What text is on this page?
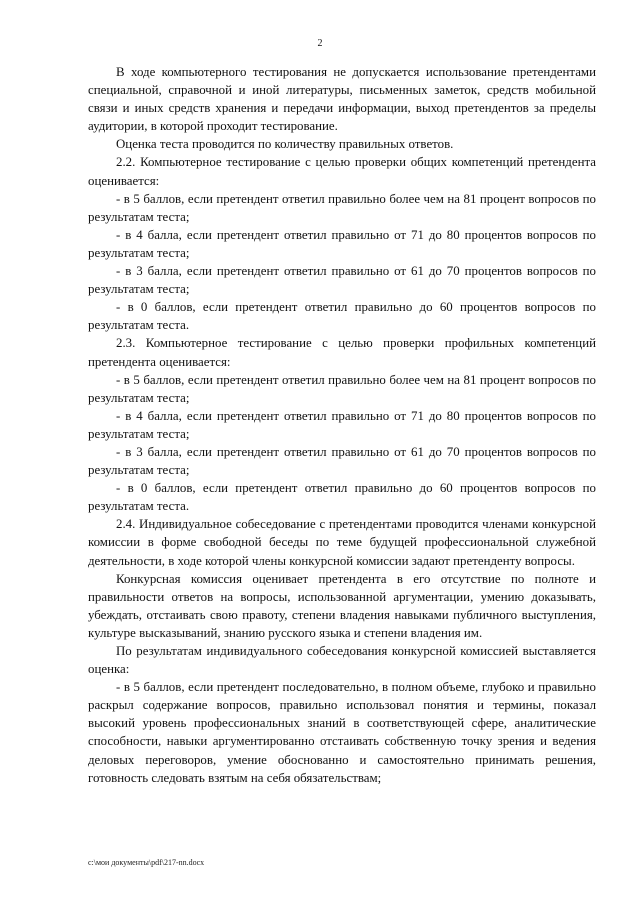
2

В ходе компьютерного тестирования не допускается использование претендентами специальной, справочной и иной литературы, письменных заметок, средств мобильной связи и иных средств хранения и передачи информации, выход претендентов за пределы аудитории, в которой проходит тестирование.

Оценка теста проводится по количеству правильных ответов.

2.2. Компьютерное тестирование с целью проверки общих компетенций претендента оценивается:

- в 5 баллов, если претендент ответил правильно более чем на 81 процент вопросов по результатам теста;

- в 4 балла, если претендент ответил правильно от 71 до 80 процентов вопросов по результатам теста;

- в 3 балла, если претендент ответил правильно от 61 до 70 процентов вопросов по результатам теста;

- в 0 баллов, если претендент ответил правильно до 60 процентов вопросов по результатам теста.

2.3. Компьютерное тестирование с целью проверки профильных компетенций претендента оценивается:

- в 5 баллов, если претендент ответил правильно более чем на 81 процент вопросов по результатам теста;

- в 4 балла, если претендент ответил правильно от 71 до 80 процентов вопросов по результатам теста;

- в 3 балла, если претендент ответил правильно от 61 до 70 процентов вопросов по результатам теста;

- в 0 баллов, если претендент ответил правильно до 60 процентов вопросов по результатам теста.

2.4. Индивидуальное собеседование с претендентами проводится членами конкурсной комиссии в форме свободной беседы по теме будущей профессиональной служебной деятельности, в ходе которой члены конкурсной комиссии задают претенденту вопросы.

Конкурсная комиссия оценивает претендента в его отсутствие по полноте и правильности ответов на вопросы, использованной аргументации, умению доказывать, убеждать, отстаивать свою правоту, степени владения навыками публичного выступления, культуре высказываний, знанию русского языка и степени владения им.

По результатам индивидуального собеседования конкурсной комиссией выставляется оценка:

- в 5 баллов, если претендент последовательно, в полном объеме, глубоко и правильно раскрыл содержание вопросов, правильно использовал понятия и термины, показал высокий уровень профессиональных знаний в соответствующей сфере, аналитические способности, навыки аргументированно отстаивать собственную точку зрения и ведения деловых переговоров, умение обоснованно и самостоятельно принимать решения, готовность следовать взятым на себя обязательствам;

c:\мои документы\pdf\217-nn.docx
